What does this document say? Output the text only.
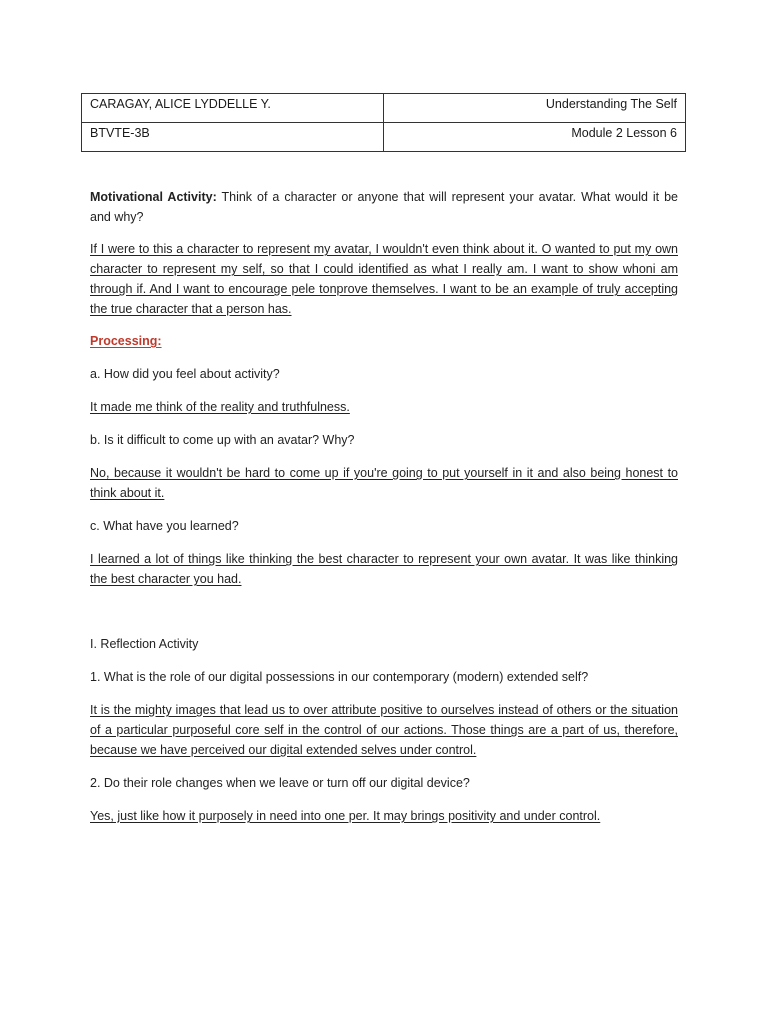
CARAGAY, ALICE LYDDELLE Y.	Understanding The Self
BTVTE-3B	Module 2 Lesson 6

Motivational Activity: Think of a character or anyone that will represent your avatar. What would it be and why?

If I were to this a character to represent my avatar, I wouldn't even think about it. O wanted to put my own character to represent my self, so that I could identified as what I really am. I want to show whoni am through if. And I want to encourage pele tonprove themselves. I want to be an example of truly accepting the true character that a person has.

Processing:

a. How did you feel about activity?

It made me think of the reality and truthfulness.

b. Is it difficult to come up with an avatar? Why?

No, because it wouldn't be hard to come up if you're going to put yourself in it and also being honest to think about it.

c. What have you learned?

I learned a lot of things like thinking the best character to represent your own avatar. It was like thinking the best character you had.

I. Reflection Activity

1. What is the role of our digital possessions in our contemporary (modern) extended self?

It is the mighty images that lead us to over attribute positive to ourselves instead of others or the situation of a particular purposeful core self in the control of our actions. Those things are a part of us, therefore, because we have perceived our digital extended selves under control.

2. Do their role changes when we leave or turn off our digital device?

Yes, just like how it purposely in need into one per. It may brings positivity and under control.
